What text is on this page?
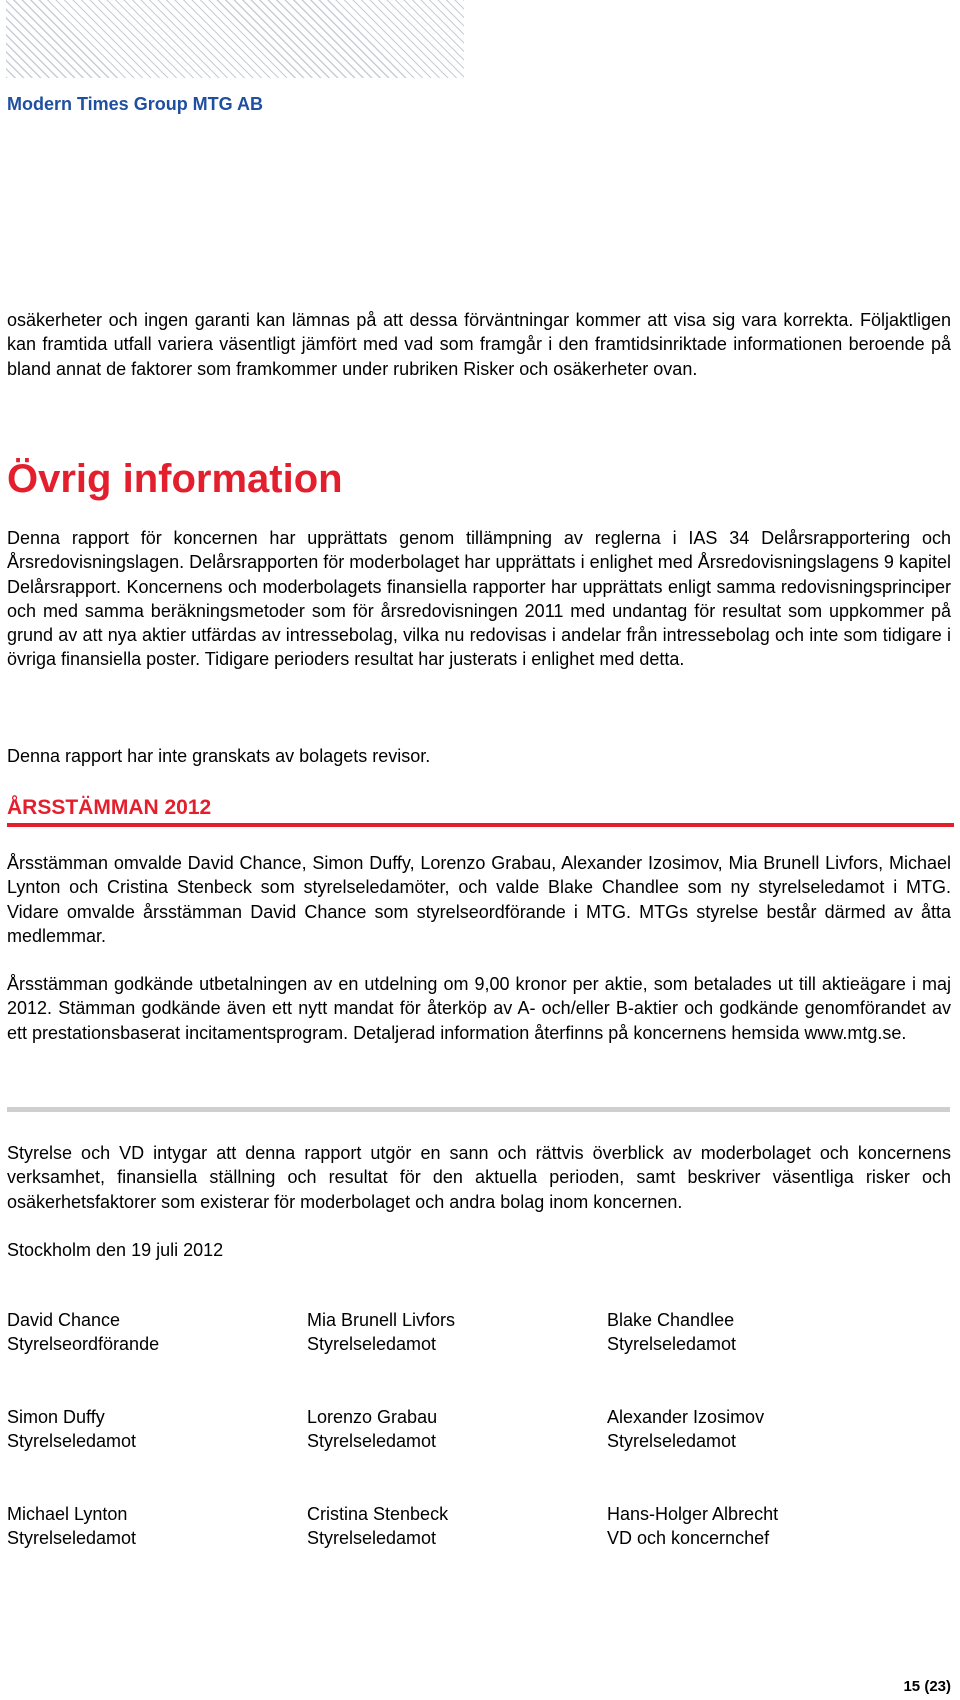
Modern Times Group MTG AB

osäkerheter och ingen garanti kan lämnas på att dessa förväntningar kommer att visa sig vara korrekta. Följaktligen kan framtida utfall variera väsentligt jämfört med vad som framgår i den framtidsinriktade informationen beroende på bland annat de faktorer som framkommer under rubriken Risker och osäkerheter ovan.

Övrig information

Denna rapport för koncernen har upprättats genom tillämpning av reglerna i IAS 34 Delårsrapportering och Årsredovisningslagen. Delårsrapporten för moderbolaget har upprättats i enlighet med Årsredovisningslagens 9 kapitel Delårsrapport. Koncernens och moderbolagets finansiella rapporter har upprättats enligt samma redovisningsprinciper och med samma beräkningsmetoder som för årsredovisningen 2011 med undantag för resultat som uppkommer på grund av att nya aktier utfärdas av intressebolag, vilka nu redovisas i andelar från intressebolag och inte som tidigare i övriga finansiella poster. Tidigare perioders resultat har justerats i enlighet med detta.

Denna rapport har inte granskats av bolagets revisor.

ÅRSSTÄMMAN 2012

Årsstämman omvalde David Chance, Simon Duffy, Lorenzo Grabau, Alexander Izosimov, Mia Brunell Livfors, Michael Lynton och Cristina Stenbeck som styrelseledamöter, och valde Blake Chandlee som ny styrelseledamot i MTG. Vidare omvalde årsstämman David Chance som styrelseordförande i MTG. MTGs styrelse består därmed av åtta medlemmar.

Årsstämman godkände utbetalningen av en utdelning om 9,00 kronor per aktie, som betalades ut till aktieägare i maj 2012. Stämman godkände även ett nytt mandat för återköp av A- och/eller B-aktier och godkände genomförandet av ett prestationsbaserat incitamentsprogram. Detaljerad information återfinns på koncernens hemsida www.mtg.se.

Styrelse och VD intygar att denna rapport utgör en sann och rättvis överblick av moderbolaget och koncernens verksamhet, finansiella ställning och resultat för den aktuella perioden, samt beskriver väsentliga risker och osäkerhetsfaktorer som existerar för moderbolaget och andra bolag inom koncernen.

Stockholm den 19 juli 2012

David Chance
Styrelseordförande
Mia Brunell Livfors
Styrelseledamot
Blake Chandlee
Styrelseledamot
Simon Duffy
Styrelseledamot
Lorenzo Grabau
Styrelseledamot
Alexander Izosimov
Styrelseledamot
Michael Lynton
Styrelseledamot
Cristina Stenbeck
Styrelseledamot
Hans-Holger Albrecht
VD och koncernchef

15 (23)
